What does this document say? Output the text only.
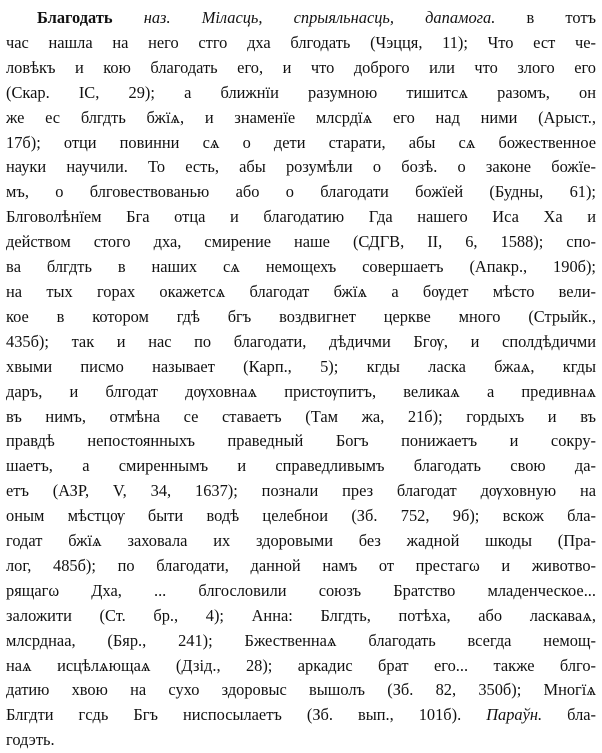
Благодать наз. Міласць, спрыяльнасць, дапамога. в тотъ
час нашла на него стго дха блгодать (Чэцця, 11); Что ест че-
ловѣкъ и кою благодать его, и что доброго или что злого его
(Скар. ІС, 29); а ближнїи разумною тишитсѧ разомъ, он
же ес блгдть бжїѧ, и знаменїе млсрдїѧ его над ними (Арыст.,
17б); отци повинни сѧ о дети старати, абы сѧ божественное
науки научили. То есть, абы розумѣли о бозѣ. о законе божїе-
мъ, о блговествованью або о благодати божїей (Будны, 61);
Блговолѣнїем Бга отца и благодатию Гда нашего Иса Ха и
действом стого дха, смирение наше (СДГВ, II, 6, 1588); спо-
вa блгдть в наших сѧ немощехъ совершаетъ (Апакр., 190б);
на тых горах окажетсѧ благодат бжїѧ а бѹдет мѣсто вели-
кое в котором гдѣ бгъ воздвигнет церкве много (Стрыйк.,
435б); так и нас по благодати, дѣдичми Бгѹ, и сполдѣдичми
хвыми писмо называет (Карп., 5); кгды ласка бжаѧ, кгды
даръ, и блгодат дѹховнаѧ пристѹпитъ, великаѧ а предивнаѧ
въ нимъ, отмѣна се ставаетъ (Там жа, 21б); гордыхъ и въ
правдѣ непостоянныхъ праведный Богъ понижаетъ и сокру-
шаетъ, а смиреннымъ и справедливымъ благодать свою да-
етъ (АЗР, V, 34, 1637); познали през благодат дѹховную на
оным мѣстцѹ быти водѣ целебнои (Зб. 752, 9б); вскож бла-
годат бжїѧ заховала их здоровыми без жадной шкоды (Пра-
лог, 485б); по благодати, данной намъ от престагω и животво-
рящагω Дха, ... блгословили союзъ Братство младенческое...
заложити (Ст. бр., 4); Анна: Блгдть, потѣха, або ласкаваѧ,
млсрднаа, (Бяр., 241); Бжественнаѧ благодать всегда немощ-
наѧ исцѣлѧющаѧ (Дзід., 28); аркадис брат его... также блго-
датию хвою на сухо здоровыс вышолъ (Зб. 82, 350б); Многїѧ
Блгдти гсдь Бгъ ниспосылаетъ (Зб. вып., 101б). Параўн. бла-
годэть.
